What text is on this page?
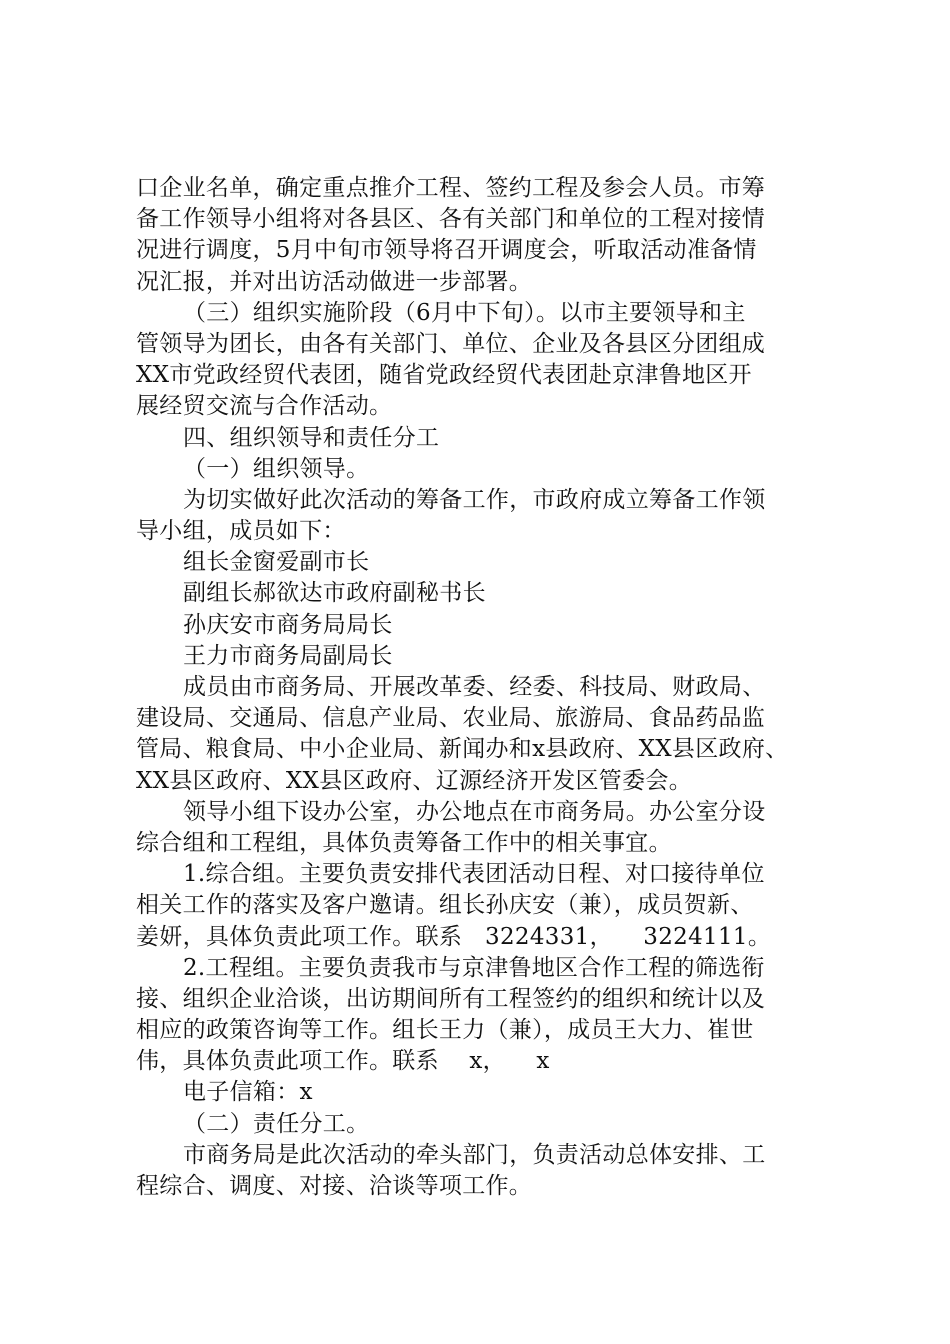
口企业名单，确定重点推介工程、签约工程及参会人员。市筹
备工作领导小组将对各县区、各有关部门和单位的工程对接情
况进行调度，5月中旬市领导将召开调度会，听取活动准备情
况汇报，并对出访活动做进一步部署。
（三）组织实施阶段（6月中下旬）。以市主要领导和主
管领导为团长，由各有关部门、单位、企业及各县区分团组成
XX市党政经贸代表团，随省党政经贸代表团赴京津鲁地区开
展经贸交流与合作活动。
四、组织领导和责任分工
（一）组织领导。
为切实做好此次活动的筹备工作，市政府成立筹备工作领
导小组，成员如下：
组长金窗爱副市长
副组长郝欲达市政府副秘书长
孙庆安市商务局局长
王力市商务局副局长
成员由市商务局、开展改革委、经委、科技局、财政局、
建设局、交通局、信息产业局、农业局、旅游局、食品药品监
管局、粮食局、中小企业局、新闻办和x县政府、XX县区政府、
XX县区政府、XX县区政府、辽源经济开发区管委会。
领导小组下设办公室，办公地点在市商务局。办公室分设
综合组和工程组，具体负责筹备工作中的相关事宜。
1.综合组。主要负责安排代表团活动日程、对口接待单位
相关工作的落实及客户邀请。组长孙庆安（兼），成员贺新、
姜妍，具体负责此项工作。联系   3224331，    3224111。
2.工程组。主要负责我市与京津鲁地区合作工程的筛选衔
接、组织企业洽谈，出访期间所有工程签约的组织和统计以及
相应的政策咨询等工作。组长王力（兼），成员王大力、崔世
伟，具体负责此项工作。联系    x，    x
电子信箱：x
（二）责任分工。
市商务局是此次活动的牵头部门，负责活动总体安排、工
程综合、调度、对接、洽谈等项工作。
